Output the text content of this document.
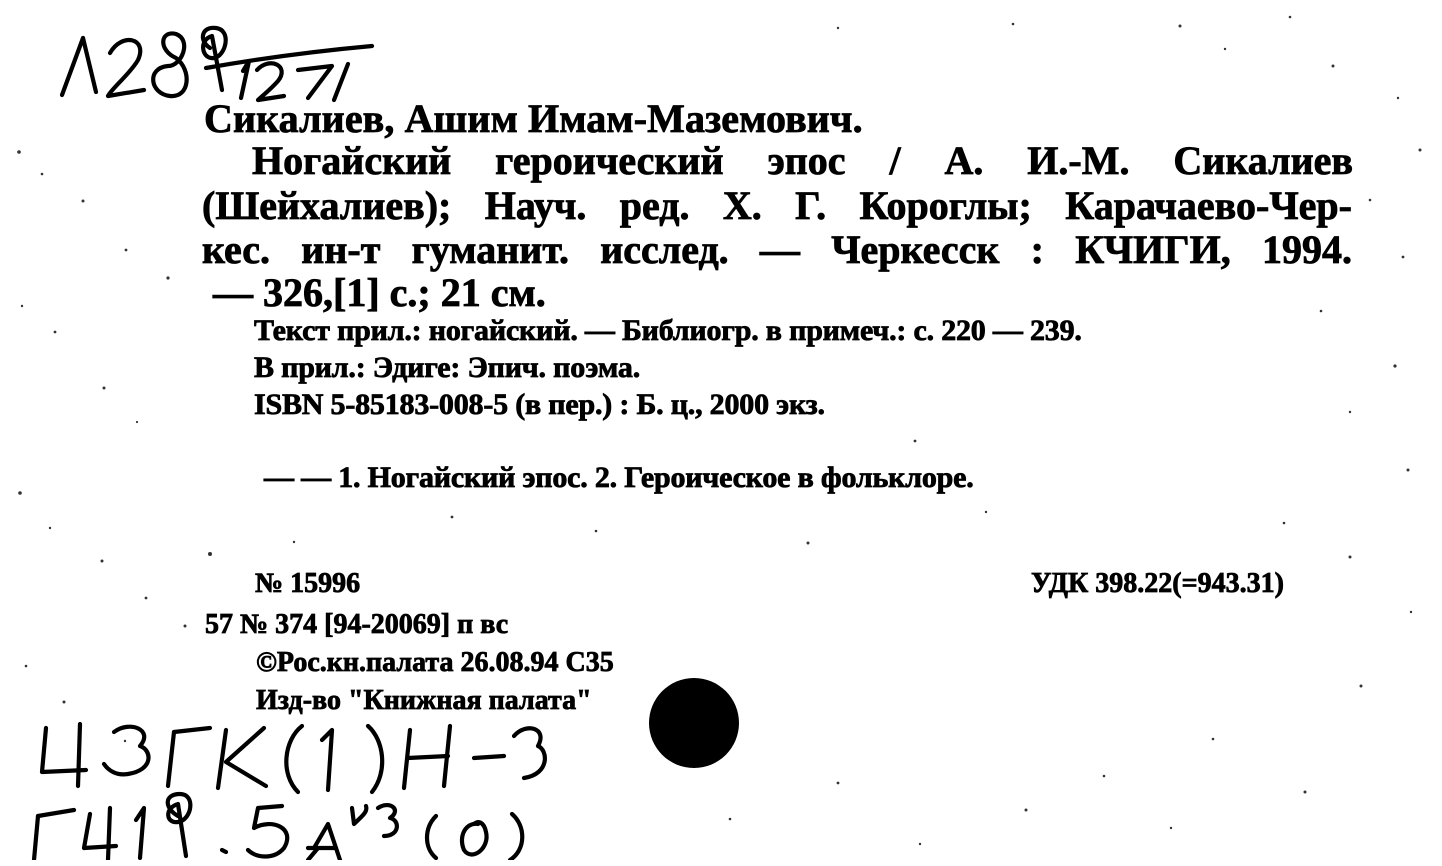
Сикалиев, Ашим Имам-Маземович.
Ногайский героический эпос / А. И.-М. Сикалиев
(Шейхалиев); Науч. ред. Х. Г. Короглы; Карачаево-Чер-
кес. ин-т гуманит. исслед. — Черкесск : КЧИГИ, 1994.
— 326,[1] с.; 21 см.
Текст прил.: ногайский. — Библиогр. в примеч.: с. 220 — 239.
В прил.: Эдиге: Эпич. поэма.
ISBN 5-85183-008-5 (в пер.) : Б. ц., 2000 экз.
— — 1. Ногайский эпос. 2. Героическое в фольклоре.
№ 15996	УДК 398.22(=943.31)
57 № 374 [94-20069] п вс
©Рос.кн.палата 26.08.94 С35
Изд-во "Книжная палата"
